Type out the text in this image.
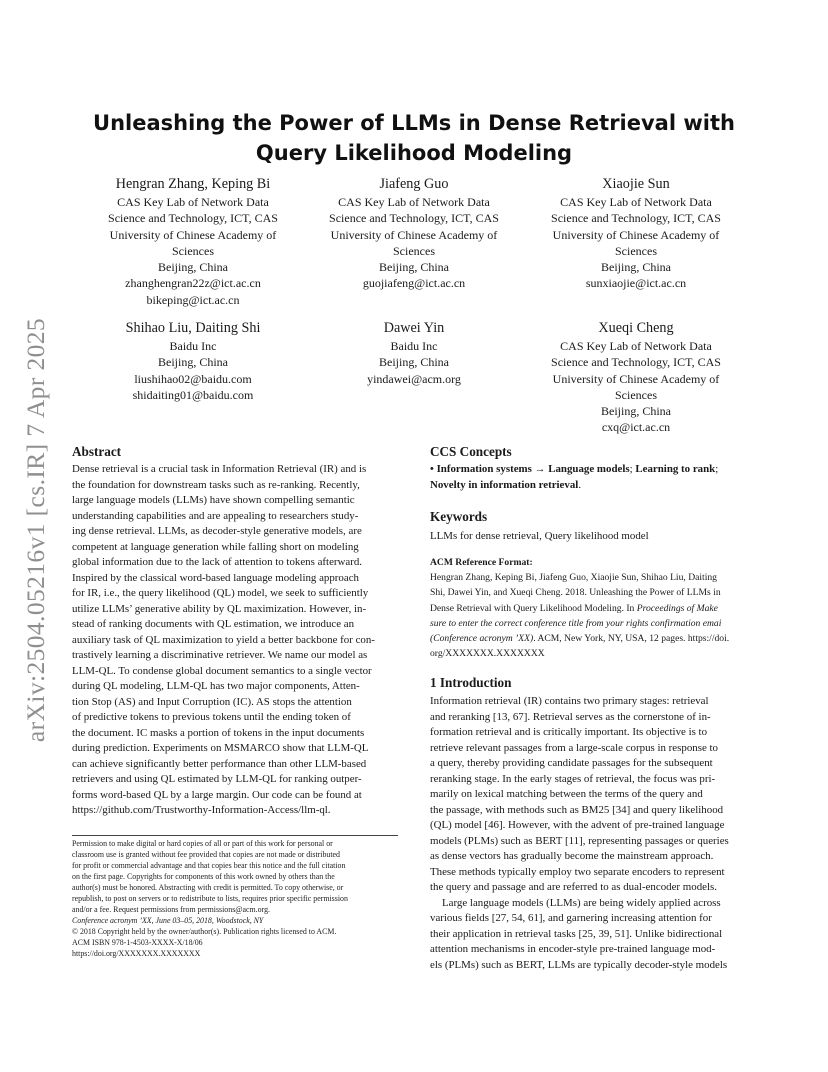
arXiv:2504.05216v1 [cs.IR] 7 Apr 2025
Unleashing the Power of LLMs in Dense Retrieval with Query Likelihood Modeling
Hengran Zhang, Keping Bi
CAS Key Lab of Network Data
Science and Technology, ICT, CAS
University of Chinese Academy of
Sciences
Beijing, China
zhanghengran22z@ict.ac.cn
bikeping@ict.ac.cn
Jiafeng Guo
CAS Key Lab of Network Data
Science and Technology, ICT, CAS
University of Chinese Academy of
Sciences
Beijing, China
guojiafeng@ict.ac.cn
Xiaojie Sun
CAS Key Lab of Network Data
Science and Technology, ICT, CAS
University of Chinese Academy of
Sciences
Beijing, China
sunxiaojie@ict.ac.cn
Shihao Liu, Daiting Shi
Baidu Inc
Beijing, China
liushihao02@baidu.com
shidaiting01@baidu.com
Dawei Yin
Baidu Inc
Beijing, China
yindawei@acm.org
Xueqi Cheng
CAS Key Lab of Network Data
Science and Technology, ICT, CAS
University of Chinese Academy of
Sciences
Beijing, China
cxq@ict.ac.cn
Abstract
Dense retrieval is a crucial task in Information Retrieval (IR) and is
the foundation for downstream tasks such as re-ranking. Recently,
large language models (LLMs) have shown compelling semantic
understanding capabilities and are appealing to researchers study-
ing dense retrieval. LLMs, as decoder-style generative models, are
competent at language generation while falling short on modeling
global information due to the lack of attention to tokens afterward.
Inspired by the classical word-based language modeling approach
for IR, i.e., the query likelihood (QL) model, we seek to sufficiently
utilize LLMs’ generative ability by QL maximization. However, in-
stead of ranking documents with QL estimation, we introduce an
auxiliary task of QL maximization to yield a better backbone for con-
trastively learning a discriminative retriever. We name our model as
LLM-QL. To condense global document semantics to a single vector
during QL modeling, LLM-QL has two major components, Atten-
tion Stop (AS) and Input Corruption (IC). AS stops the attention
of predictive tokens to previous tokens until the ending token of
the document. IC masks a portion of tokens in the input documents
during prediction. Experiments on MSMARCO show that LLM-QL
can achieve significantly better performance than other LLM-based
retrievers and using QL estimated by LLM-QL for ranking outper-
forms word-based QL by a large margin. Our code can be found at
https://github.com/Trustworthy-Information-Access/llm-ql.
Permission to make digital or hard copies of all or part of this work for personal or
classroom use is granted without fee provided that copies are not made or distributed
for profit or commercial advantage and that copies bear this notice and the full citation
on the first page. Copyrights for components of this work owned by others than the
author(s) must be honored. Abstracting with credit is permitted. To copy otherwise, or
republish, to post on servers or to redistribute to lists, requires prior specific permission
and/or a fee. Request permissions from permissions@acm.org.
Conference acronym ’XX, June 03–05, 2018, Woodstock, NY
© 2018 Copyright held by the owner/author(s). Publication rights licensed to ACM.
ACM ISBN 978-1-4503-XXXX-X/18/06
https://doi.org/XXXXXXX.XXXXXXX
CCS Concepts
• Information systems → Language models; Learning to rank;
Novelty in information retrieval.
Keywords
LLMs for dense retrieval, Query likelihood model
ACM Reference Format:
Hengran Zhang, Keping Bi, Jiafeng Guo, Xiaojie Sun, Shihao Liu, Daiting
Shi, Dawei Yin, and Xueqi Cheng. 2018. Unleashing the Power of LLMs in
Dense Retrieval with Query Likelihood Modeling. In Proceedings of Make
sure to enter the correct conference title from your rights confirmation emai
(Conference acronym ’XX). ACM, New York, NY, USA, 12 pages. https://doi.
org/XXXXXXX.XXXXXXX
1 Introduction
Information retrieval (IR) contains two primary stages: retrieval
and reranking [13, 67]. Retrieval serves as the cornerstone of in-
formation retrieval and is critically important. Its objective is to
retrieve relevant passages from a large-scale corpus in response to
a query, thereby providing candidate passages for the subsequent
reranking stage. In the early stages of retrieval, the focus was pri-
marily on lexical matching between the terms of the query and
the passage, with methods such as BM25 [34] and query likelihood
(QL) model [46]. However, with the advent of pre-trained language
models (PLMs) such as BERT [11], representing passages or queries
as dense vectors has gradually become the mainstream approach.
These methods typically employ two separate encoders to represent
the query and passage and are referred to as dual-encoder models.
Large language models (LLMs) are being widely applied across
various fields [27, 54, 61], and garnering increasing attention for
their application in retrieval tasks [25, 39, 51]. Unlike bidirectional
attention mechanisms in encoder-style pre-trained language mod-
els (PLMs) such as BERT, LLMs are typically decoder-style models
